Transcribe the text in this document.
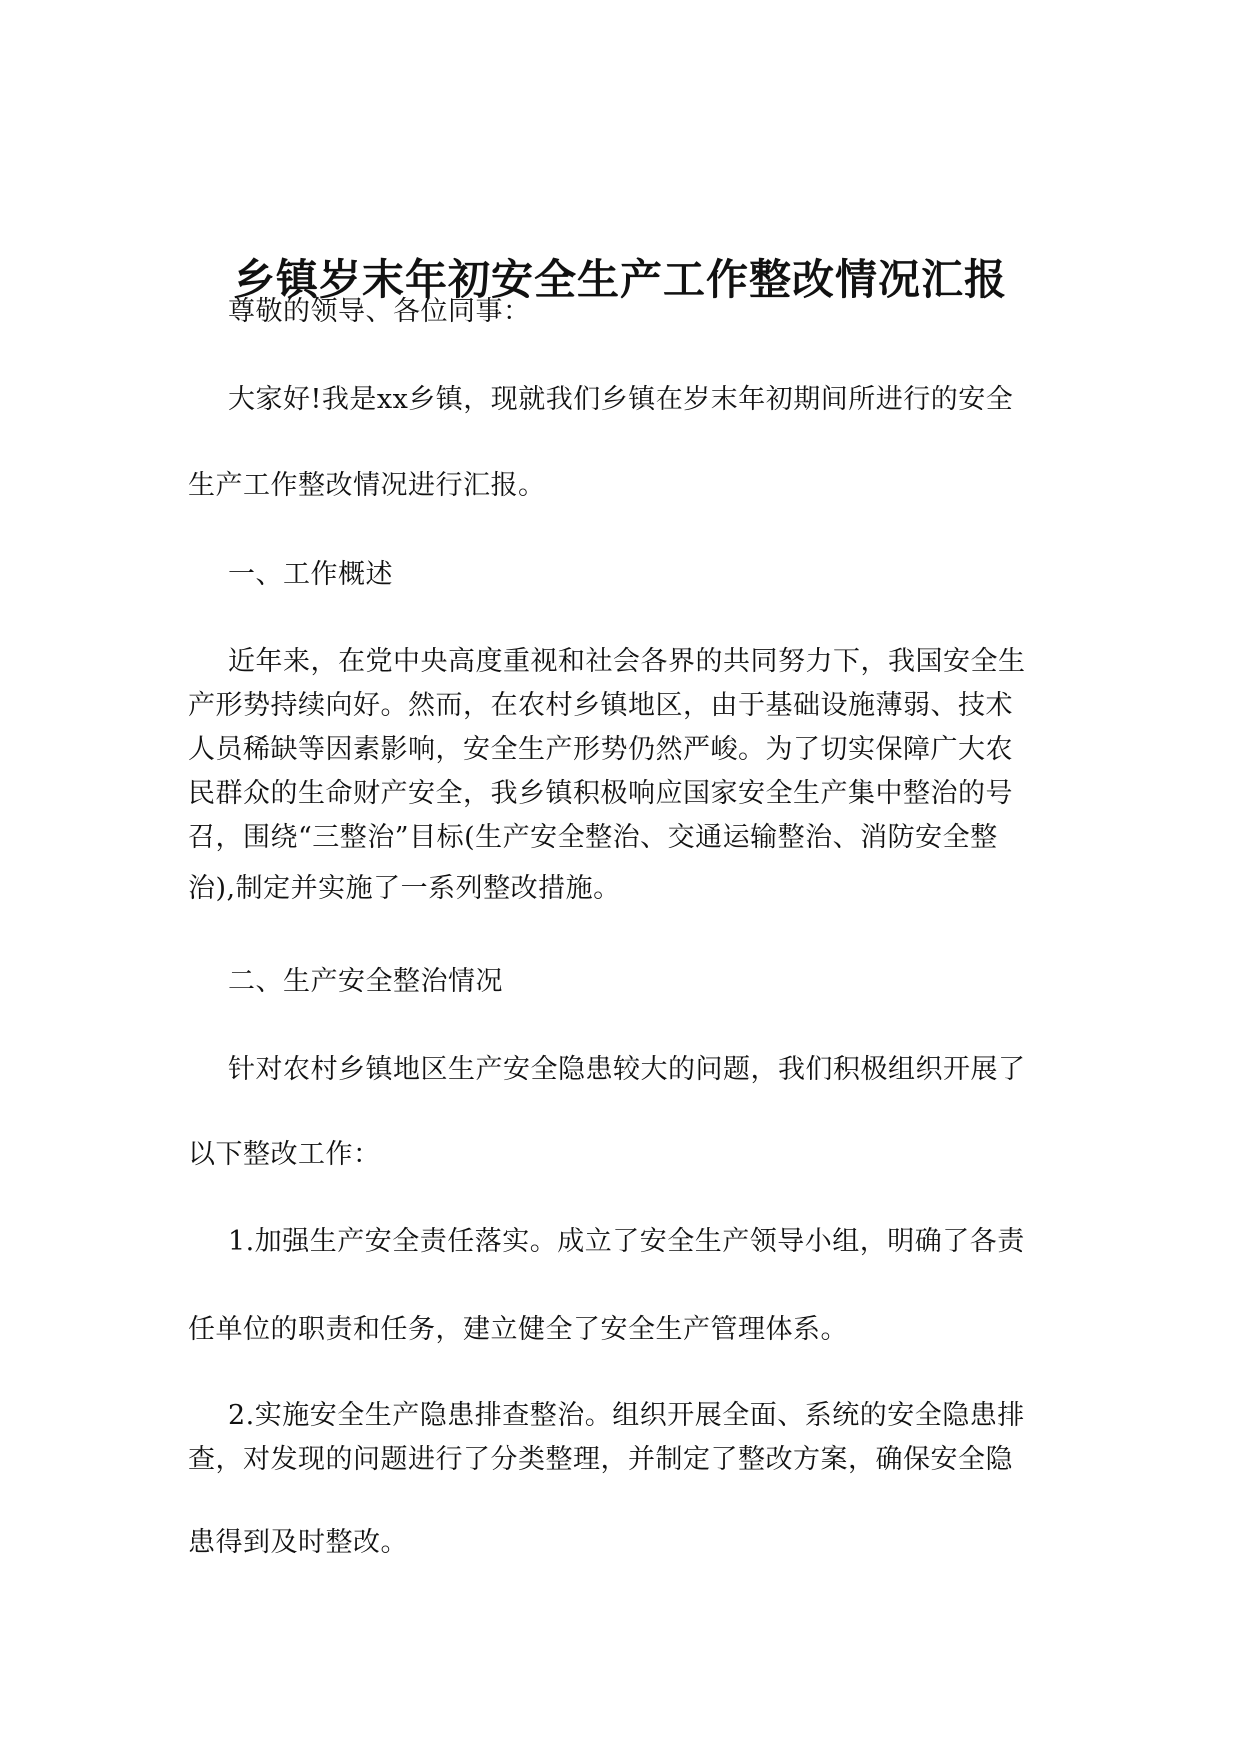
乡镇岁末年初安全生产工作整改情况汇报
尊敬的领导、各位同事：
大家好!我是xx乡镇，现就我们乡镇在岁末年初期间所进行的安全
生产工作整改情况进行汇报。
一、工作概述
近年来，在党中央高度重视和社会各界的共同努力下，我国安全生
产形势持续向好。然而，在农村乡镇地区，由于基础设施薄弱、技术
人员稀缺等因素影响，安全生产形势仍然严峻。为了切实保障广大农
民群众的生命财产安全，我乡镇积极响应国家安全生产集中整治的号
召，围绕“三整治”目标(生产安全整治、交通运输整治、消防安全整
治),制定并实施了一系列整改措施。
二、生产安全整治情况
针对农村乡镇地区生产安全隐患较大的问题，我们积极组织开展了
以下整改工作：
1.加强生产安全责任落实。成立了安全生产领导小组，明确了各责
任单位的职责和任务，建立健全了安全生产管理体系。
2.实施安全生产隐患排查整治。组织开展全面、系统的安全隐患排
查，对发现的问题进行了分类整理，并制定了整改方案，确保安全隐
患得到及时整改。
